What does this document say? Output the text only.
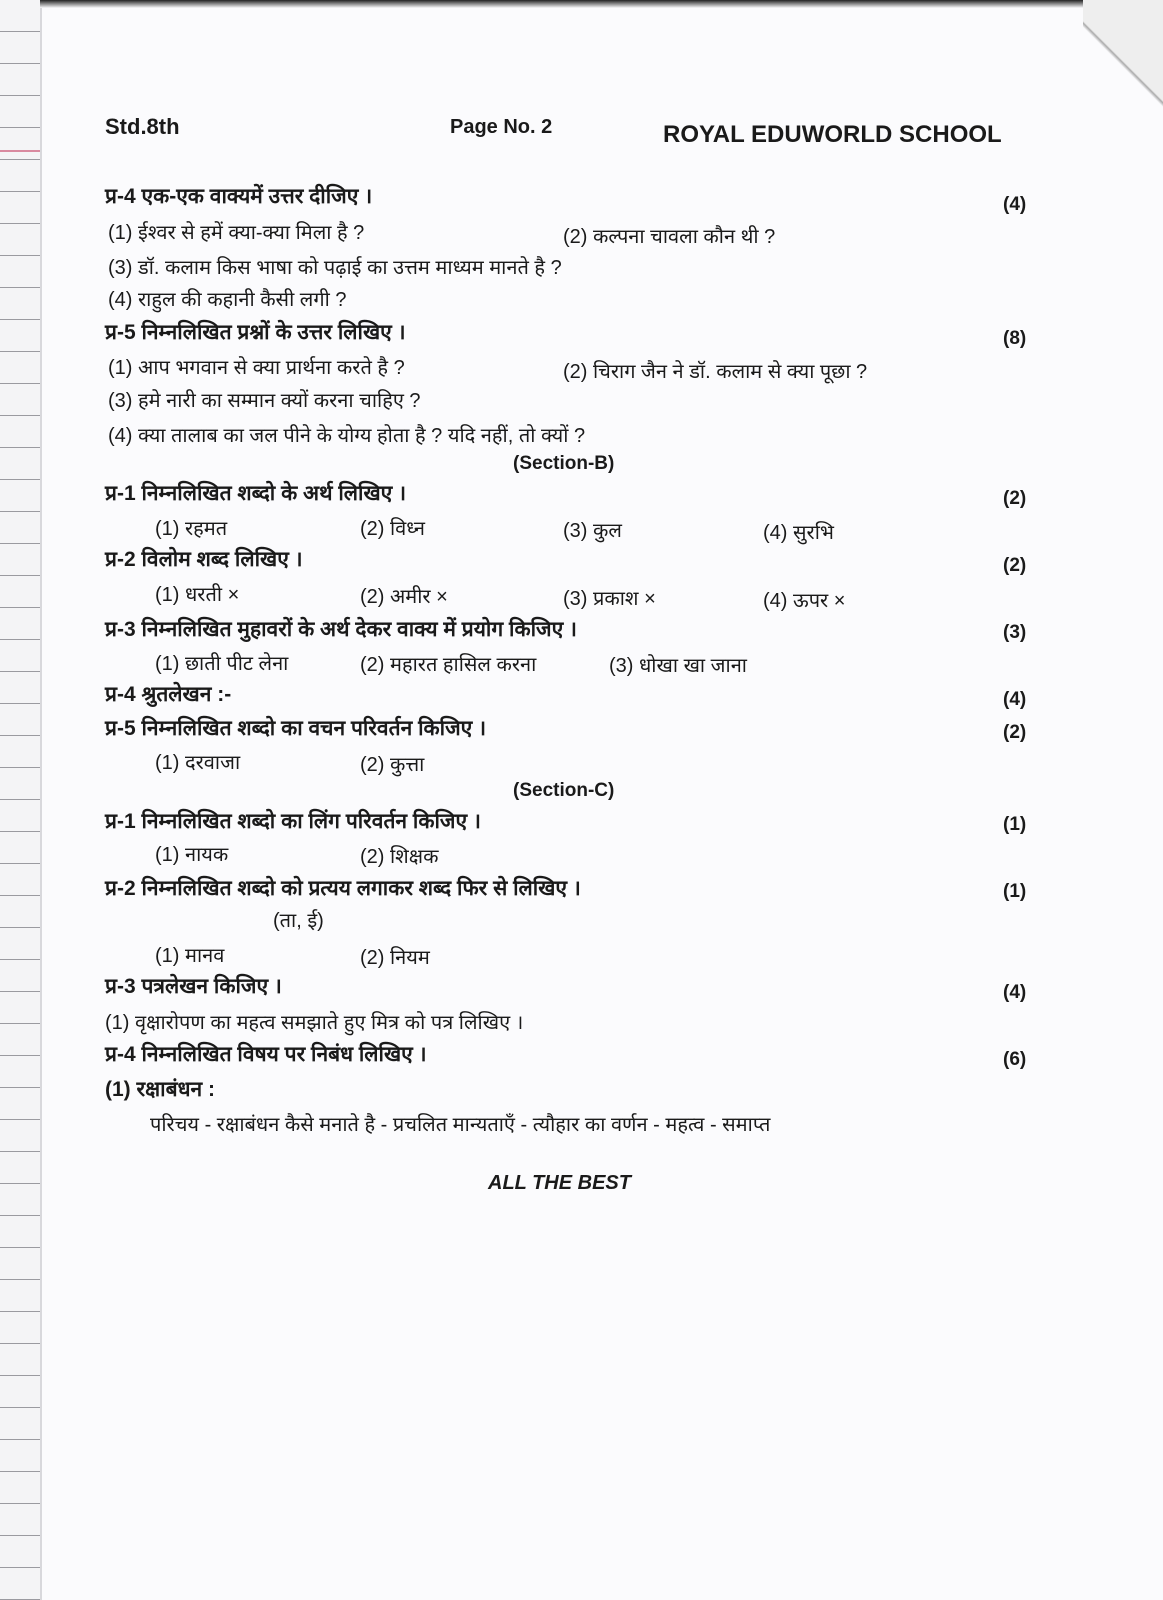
Std.8th	Page No. 2	ROYAL EDUWORLD SCHOOL
प्र-4 एक-एक वाक्यमें उत्तर दीजिए ।	(4)
(1) ईश्वर से हमें क्या-क्या मिला है ?	(2) कल्पना चावला कौन थी ?
(3) डॉ. कलाम किस भाषा को पढ़ाई का उत्तम माध्यम मानते है ?
(4) राहुल की कहानी कैसी लगी ?
प्र-5 निम्नलिखित प्रश्नों के उत्तर लिखिए ।	(8)
(1) आप भगवान से क्या प्रार्थना करते है ?	(2) चिराग जैन ने डॉ. कलाम से क्या पूछा ?
(3) हमे नारी का सम्मान क्यों करना चाहिए ?
(4) क्या तालाब का जल पीने के योग्य होता है ? यदि नहीं, तो क्यों ?
(Section-B)
प्र-1 निम्नलिखित शब्दो के अर्थ लिखिए ।	(2)
(1) रहमत	(2) विध्न	(3) कुल	(4) सुरभि
प्र-2 विलोम शब्द लिखिए ।	(2)
(1) धरती ×	(2) अमीर ×	(3) प्रकाश ×	(4) ऊपर ×
प्र-3 निम्नलिखित मुहावरों के अर्थ देकर वाक्य में प्रयोग किजिए ।	(3)
(1) छाती पीट लेना	(2) महारत हासिल करना	(3) धोखा खा जाना
प्र-4 श्रुतलेखन :-	(4)
प्र-5 निम्नलिखित शब्दो का वचन परिवर्तन किजिए ।	(2)
(1) दरवाजा	(2) कुत्ता
(Section-C)
प्र-1 निम्नलिखित शब्दो का लिंग परिवर्तन किजिए ।	(1)
(1) नायक	(2) शिक्षक
प्र-2 निम्नलिखित शब्दो को प्रत्यय लगाकर शब्द फिर से लिखिए ।	(1)
(ता, ई)
(1) मानव	(2) नियम
प्र-3 पत्रलेखन किजिए ।	(4)
(1) वृक्षारोपण का महत्व समझाते हुए मित्र को पत्र लिखिए ।
प्र-4 निम्नलिखित विषय पर निबंध लिखिए ।	(6)
(1) रक्षाबंधन :
परिचय - रक्षाबंधन कैसे मनाते है - प्रचलित मान्यताएँ - त्यौहार का वर्णन - महत्व - समाप्त
ALL THE BEST
